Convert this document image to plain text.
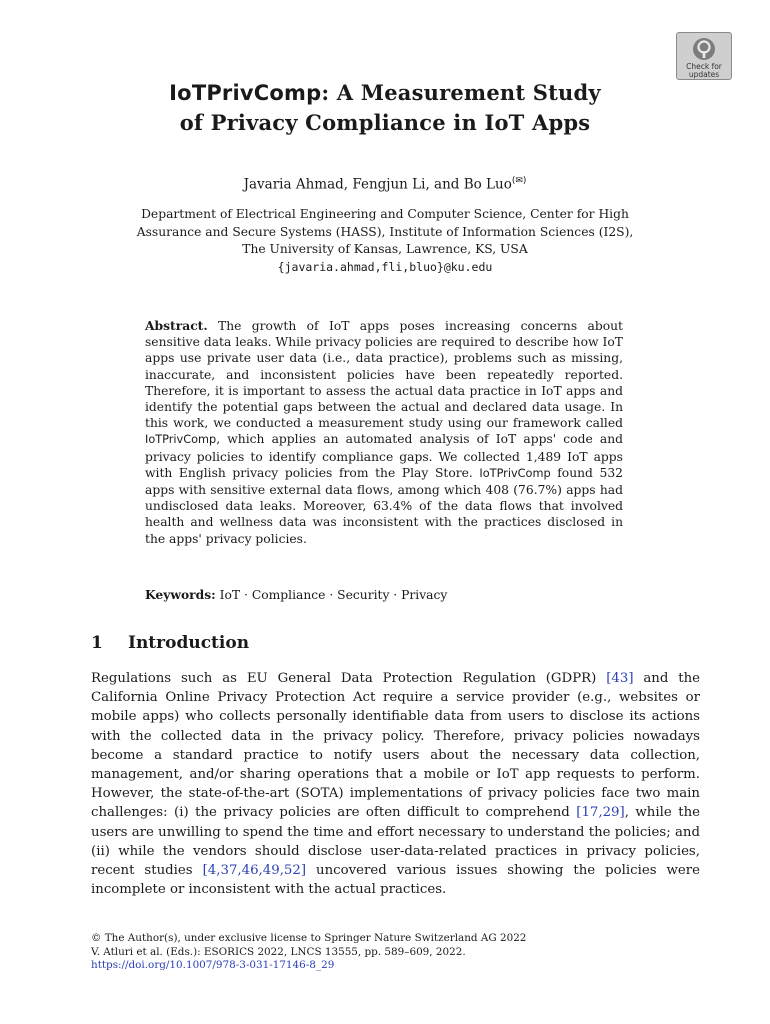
Check for
updates
IoTPrivComp: A Measurement Study
of Privacy Compliance in IoT Apps
Javaria Ahmad, Fengjun Li, and Bo Luo(✉)
Department of Electrical Engineering and Computer Science, Center for High
Assurance and Secure Systems (HASS), Institute of Information Sciences (I2S),
The University of Kansas, Lawrence, KS, USA
{javaria.ahmad,fli,bluo}@ku.edu
Abstract. The growth of IoT apps poses increasing concerns about sensitive data leaks. While privacy policies are required to describe how IoT apps use private user data (i.e., data practice), problems such as missing, inaccurate, and inconsistent policies have been repeatedly reported. Therefore, it is important to assess the actual data practice in IoT apps and identify the potential gaps between the actual and declared data usage. In this work, we conducted a measurement study using our framework called IoTPrivComp, which applies an automated analysis of IoT apps' code and privacy policies to identify compliance gaps. We collected 1,489 IoT apps with English privacy policies from the Play Store. IoTPrivComp found 532 apps with sensitive external data flows, among which 408 (76.7%) apps had undisclosed data leaks. Moreover, 63.4% of the data flows that involved health and wellness data was inconsistent with the practices disclosed in the apps' privacy policies.
Keywords: IoT · Compliance · Security · Privacy
1 Introduction
Regulations such as EU General Data Protection Regulation (GDPR) [43] and the California Online Privacy Protection Act require a service provider (e.g., websites or mobile apps) who collects personally identifiable data from users to disclose its actions with the collected data in the privacy policy. Therefore, privacy policies nowadays become a standard practice to notify users about the necessary data collection, management, and/or sharing operations that a mobile or IoT app requests to perform. However, the state-of-the-art (SOTA) implementations of privacy policies face two main challenges: (i) the privacy policies are often difficult to comprehend [17,29], while the users are unwilling to spend the time and effort necessary to understand the policies; and (ii) while the vendors should disclose user-data-related practices in privacy policies, recent studies [4,37,46,49,52] uncovered various issues showing the policies were incomplete or inconsistent with the actual practices.
© The Author(s), under exclusive license to Springer Nature Switzerland AG 2022
V. Atluri et al. (Eds.): ESORICS 2022, LNCS 13555, pp. 589–609, 2022.
https://doi.org/10.1007/978-3-031-17146-8_29
